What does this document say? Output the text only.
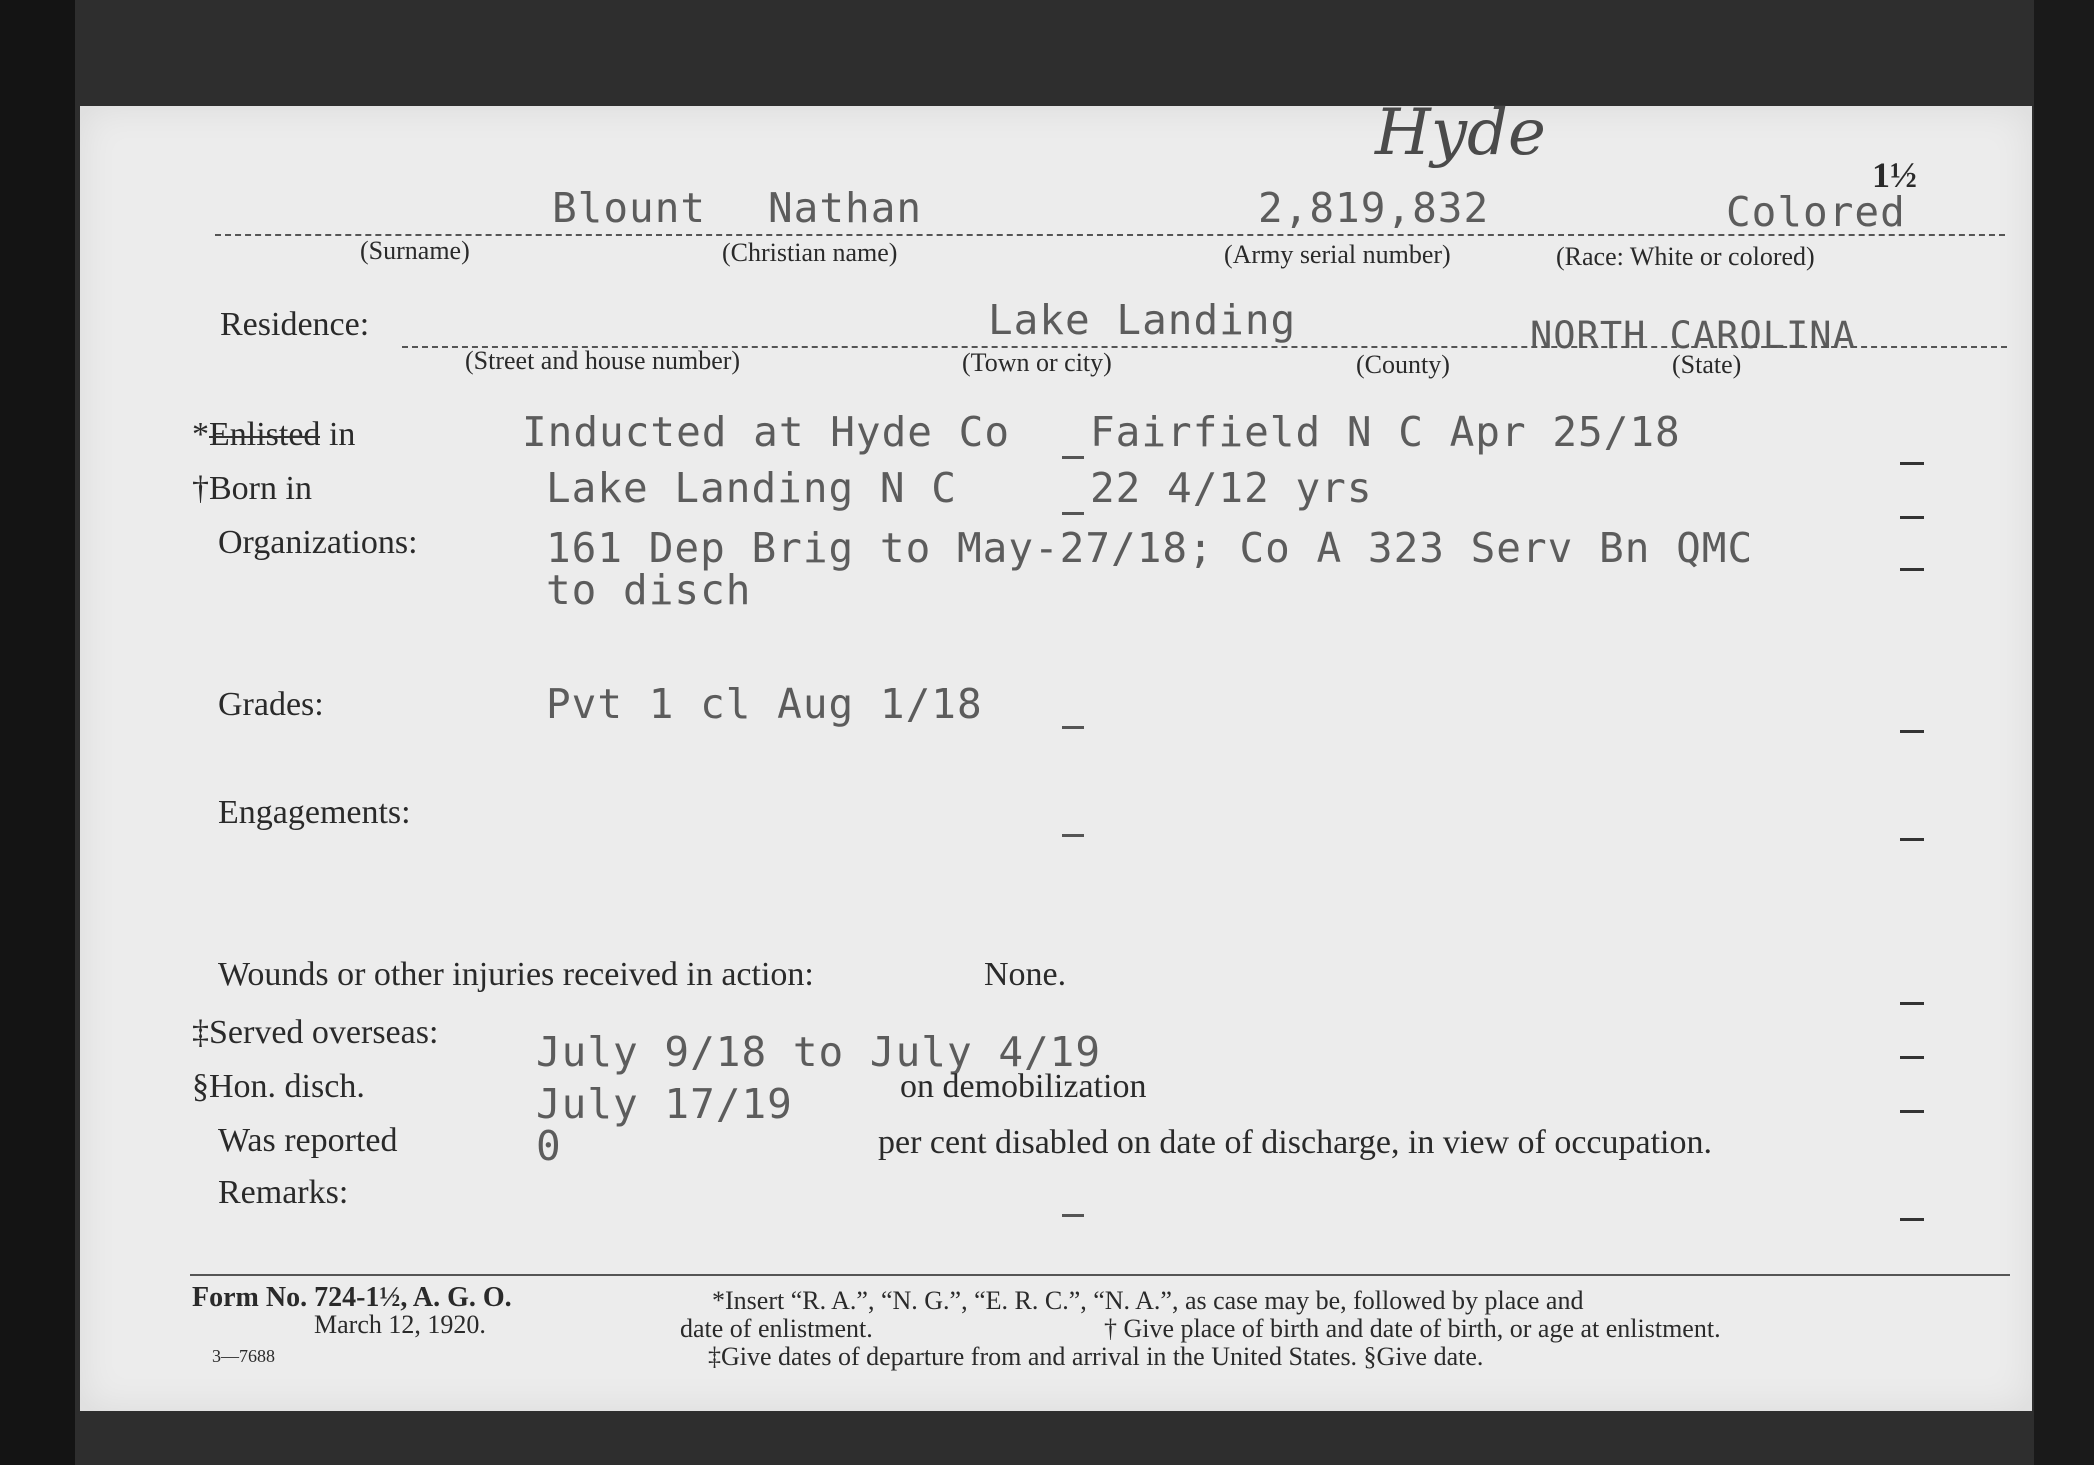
Hyde
1½
Blount Nathan	2,819,832	Colored
(Surname)	(Christian name)	(Army serial number)	(Race: White or colored)
Residence:	Lake Landing	NORTH CAROLINA
(Street and house number)	(Town or city)	(County)	(State)
*Enlisted in	Inducted at Hyde Co Fairfield N C Apr 25/18
†Born in	Lake Landing N C	22 4/12 yrs
Organizations:	161 Dep Brig to May-27/18; Co A 323 Serv Bn QMC
to disch
Grades:	Pvt 1 cl Aug 1/18
Engagements:
Wounds or other injuries received in action:	None.
‡Served overseas: July 9/18 to July 4/19
§Hon. disch.	July 17/19	on demobilization
Was reported	0	per cent disabled on date of discharge, in view of occupation.
Remarks:
Form No. 724-1½, A. G. O.
March 12, 1920.
3—7688
*Insert “R. A.”, “N. G.”, “E. R. C.”, “N. A.”, as case may be, followed by place and
date of enlistment.	† Give place of birth and date of birth, or age at enlistment.
‡Give dates of departure from and arrival in the United States. §Give date.
